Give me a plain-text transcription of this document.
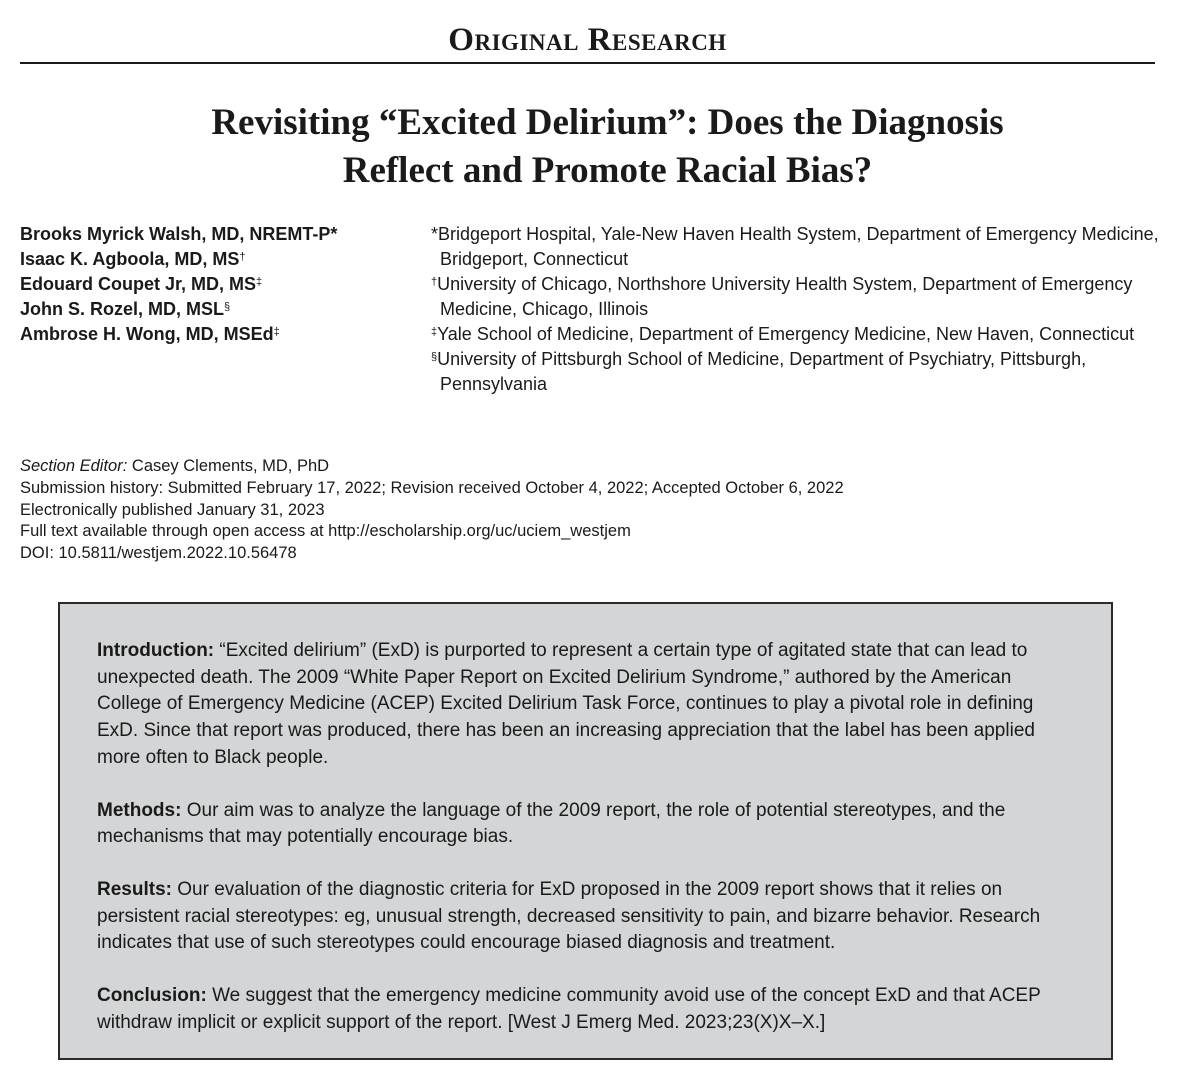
Original Research
Revisiting “Excited Delirium”: Does the Diagnosis
Reflect and Promote Racial Bias?
Brooks Myrick Walsh, MD, NREMT-P*
Isaac K. Agboola, MD, MS†
Edouard Coupet Jr, MD, MS‡
John S. Rozel, MD, MSL§
Ambrose H. Wong, MD, MSEd‡
*Bridgeport Hospital, Yale-New Haven Health System, Department of Emergency Medicine, Bridgeport, Connecticut
†University of Chicago, Northshore University Health System, Department of Emergency Medicine, Chicago, Illinois
‡Yale School of Medicine, Department of Emergency Medicine, New Haven, Connecticut
§University of Pittsburgh School of Medicine, Department of Psychiatry, Pittsburgh, Pennsylvania
Section Editor: Casey Clements, MD, PhD
Submission history: Submitted February 17, 2022; Revision received October 4, 2022; Accepted October 6, 2022
Electronically published January 31, 2023
Full text available through open access at http://escholarship.org/uc/uciem_westjem
DOI: 10.5811/westjem.2022.10.56478

Introduction: “Excited delirium” (ExD) is purported to represent a certain type of agitated state that can lead to unexpected death. The 2009 “White Paper Report on Excited Delirium Syndrome,” authored by the American College of Emergency Medicine (ACEP) Excited Delirium Task Force, continues to play a pivotal role in defining ExD. Since that report was produced, there has been an increasing appreciation that the label has been applied more often to Black people.

Methods: Our aim was to analyze the language of the 2009 report, the role of potential stereotypes, and the mechanisms that may potentially encourage bias.

Results: Our evaluation of the diagnostic criteria for ExD proposed in the 2009 report shows that it relies on persistent racial stereotypes: eg, unusual strength, decreased sensitivity to pain, and bizarre behavior. Research indicates that use of such stereotypes could encourage biased diagnosis and treatment.

Conclusion: We suggest that the emergency medicine community avoid use of the concept ExD and that ACEP withdraw implicit or explicit support of the report. [West J Emerg Med. 2023;23(X)X–X.]
